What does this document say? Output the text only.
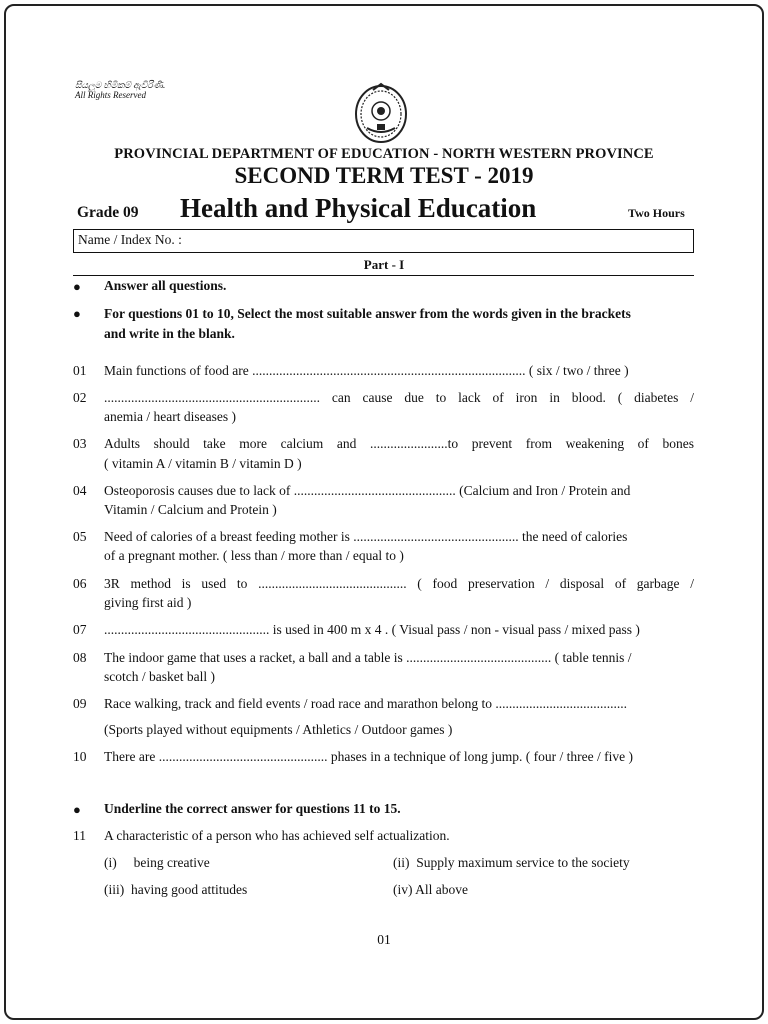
සියලුම හිමිකම් ඇවිරිණි.
All Rights Reserved
PROVINCIAL DEPARTMENT OF EDUCATION - NORTH WESTERN PROVINCE
SECOND TERM TEST - 2019
Grade 09 Health and Physical Education	Two Hours
Name / Index No. :
Part - I
● Answer all questions.
● For questions 01 to 10, Select the most suitable answer from the words given in the brackets
and write in the blank.
01 Main functions of food are ................................................................................. ( six / two / three )
02 ................................................................ can cause due to lack of iron in blood. ( diabetes /
anemia / heart diseases )
03 Adults should take more calcium and .......................to prevent from weakening of bones
( vitamin A / vitamin B / vitamin D )
04 Osteoporosis causes due to lack of ................................................ (Calcium and Iron / Protein and
Vitamin / Calcium and Protein )
05 Need of calories of a breast feeding mother is ................................................. the need of calories
of a pregnant mother. ( less than / more than / equal to )
06 3R method is used to ............................................ ( food preservation / disposal of garbage /
giving first aid )
07 ................................................. is used in 400 m x 4 . ( Visual pass / non - visual pass / mixed pass )
08 The indoor game that uses a racket, a ball and a table is ........................................... ( table tennis /
scotch / basket ball )
09 Race walking, track and field events / road race and marathon belong to .......................................
(Sports played without equipments / Athletics / Outdoor games )
10 There are .................................................. phases in a technique of long jump. ( four / three / five )
● Underline the correct answer for questions 11 to 15.
11 A characteristic of a person who has achieved self actualization.
(i)     being creative	(ii)  Supply maximum service to the society
(iii)  having good attitudes	(iv) All above
01
